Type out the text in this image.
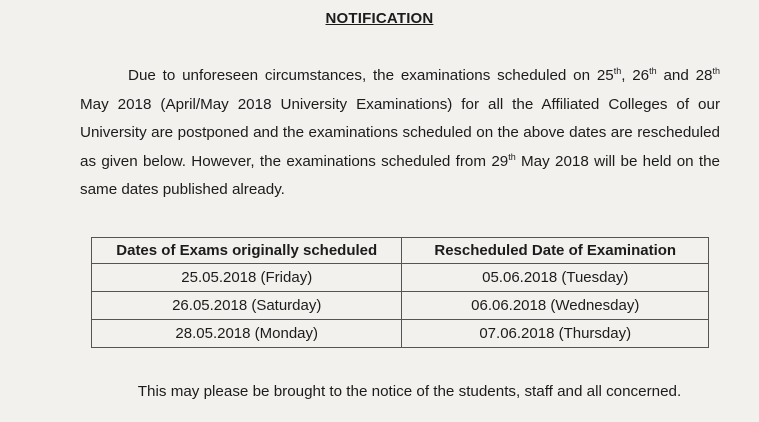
NOTIFICATION

Due to unforeseen circumstances, the examinations scheduled on 25th, 26th and 28th May 2018 (April/May 2018 University Examinations) for all the Affiliated Colleges of our University are postponed and the examinations scheduled on the above dates are rescheduled as given below. However, the examinations scheduled from 29th May 2018 will be held on the same dates published already.

Dates of Exams originally scheduled	Rescheduled Date of Examination
25.05.2018 (Friday)	05.06.2018 (Tuesday)
26.05.2018 (Saturday)	06.06.2018 (Wednesday)
28.05.2018 (Monday)	07.06.2018 (Thursday)
This may please be brought to the notice of the students, staff and all concerned.
